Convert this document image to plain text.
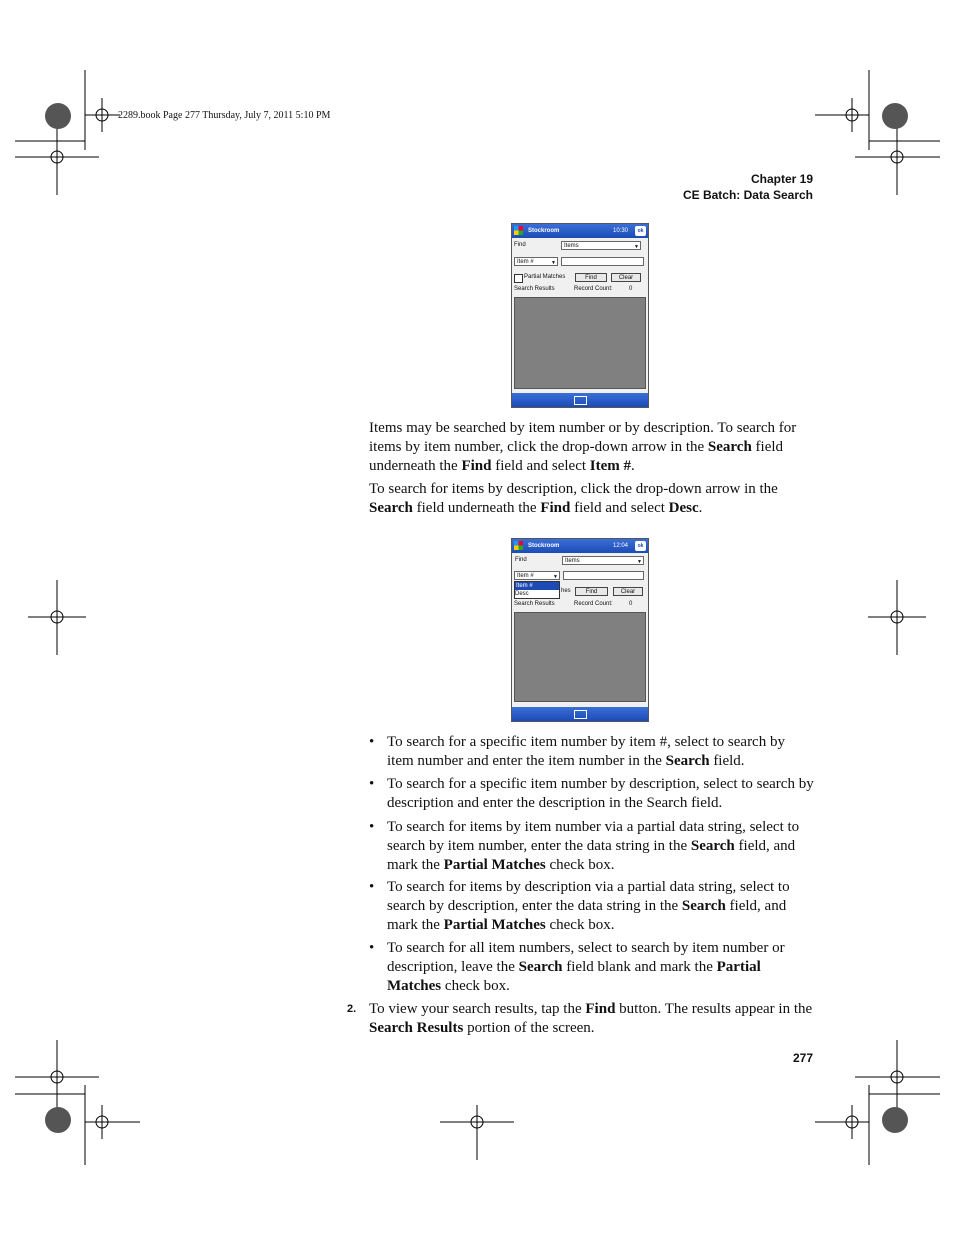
2289.book Page 277 Thursday, July 7, 2011 5:10 PM
Chapter 19
CE Batch: Data Search
Stockroom	10:30	ok
Find	Items	▼
Item #	▼
Partial Matches	Find	Clear
Search Results	Record Count:	0

Items may be searched by item number or by description. To search for items by item number, click the drop-down arrow in the Search field underneath the Find field and select Item #.

To search for items by description, click the drop-down arrow in the Search field underneath the Find field and select Desc.

Stockroom	12:04	ok
Find	Items	▼
Item #	▼
Item #
Desc	hes	Find	Clear
Search Results	Record Count:	0
• To search for a specific item number by item #, select to search by item number and enter the item number in the Search field.
• To search for a specific item number by description, select to search by description and enter the description in the Search field.
• To search for items by item number via a partial data string, select to search by item number, enter the data string in the Search field, and mark the Partial Matches check box.
• To search for items by description via a partial data string, select to search by description, enter the data string in the Search field, and mark the Partial Matches check box.
• To search for all item numbers, select to search by item number or description, leave the Search field blank and mark the Partial Matches check box.
2. To view your search results, tap the Find button. The results appear in the Search Results portion of the screen.

277
